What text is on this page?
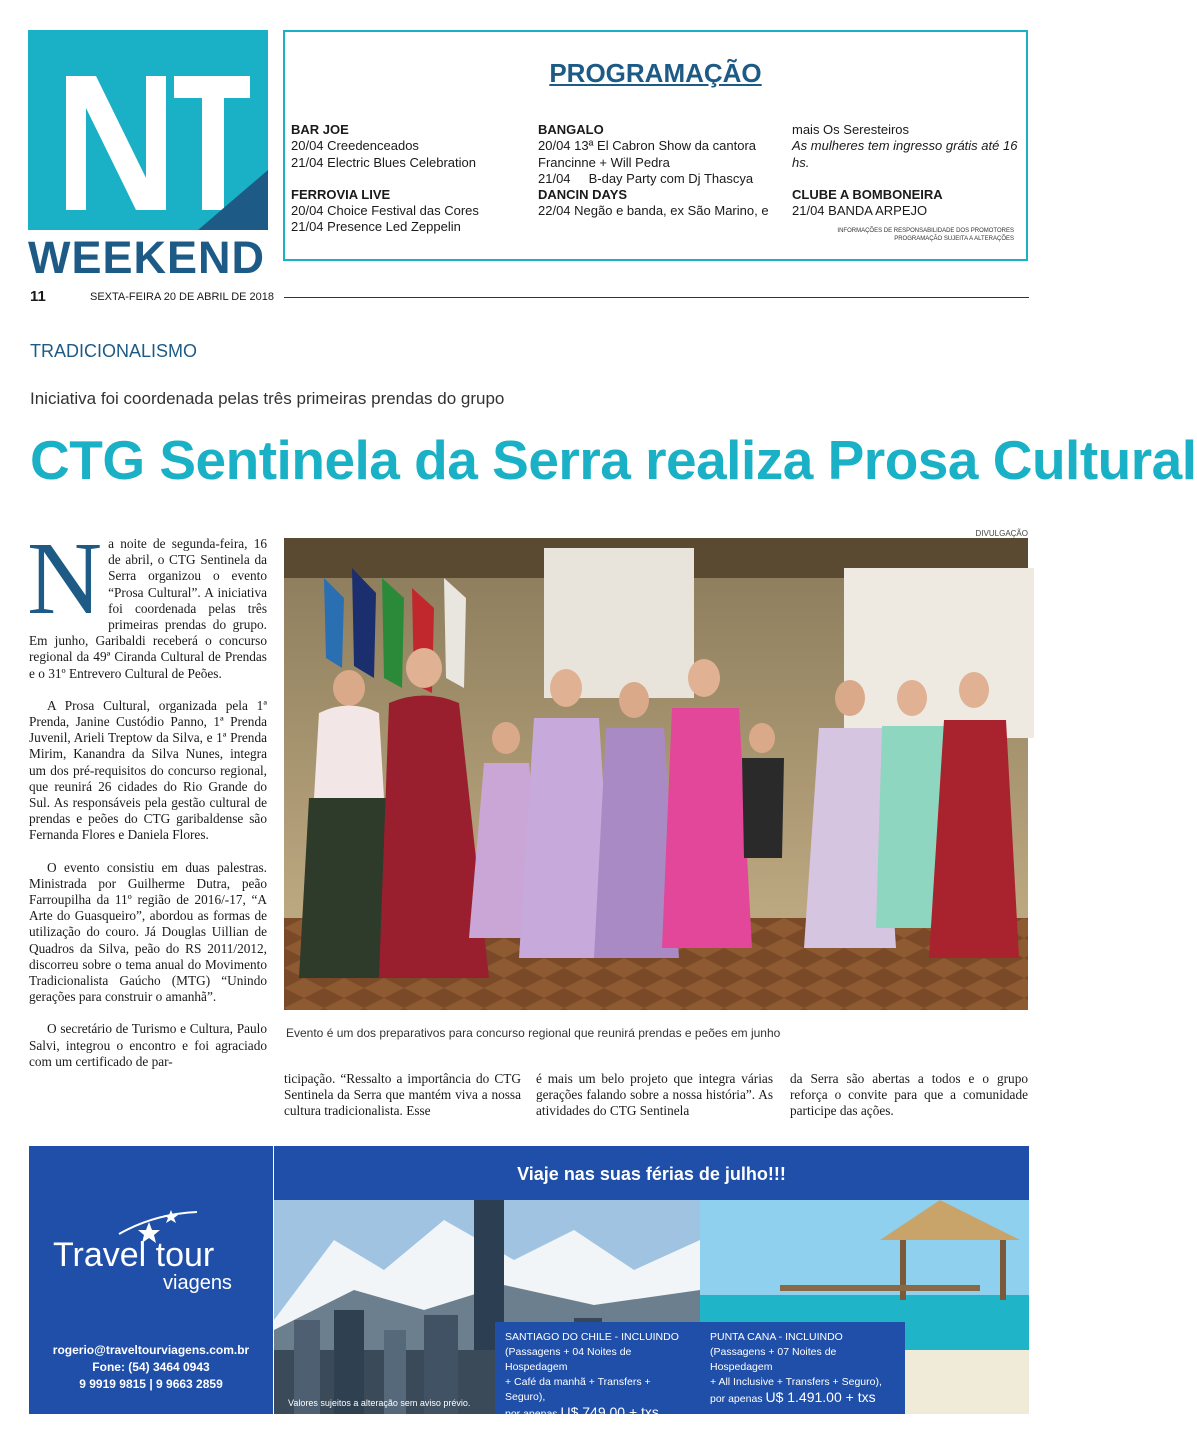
WEEKEND
PROGRAMAÇÃO
BAR JOE
20/04 Creedenceados
21/04 Electric Blues Celebration
FERROVIA LIVE
20/04 Choice Festival das Cores
21/04 Presence Led Zeppelin
BANGALO
20/04 13ª El Cabron Show da cantora
Francinne + Will Pedra
21/04     B-day Party com Dj Thascya
DANCIN DAYS
22/04 Negão e banda, ex São Marino, e
mais Os Seresteiros
As mulheres tem ingresso grátis até 16 hs.
CLUBE A BOMBONEIRA
21/04 BANDA ARPEJO
INFORMAÇÕES DE RESPONSABILIDADE DOS PROMOTORES
PROGRAMAÇÃO SUJEITA A ALTERAÇÕES
11	SEXTA-FEIRA 20 DE ABRIL DE 2018
TRADICIONALISMO
Iniciativa foi coordenada pelas três primeiras prendas do grupo
CTG Sentinela da Serra realiza Prosa Cultural

Na noite de segunda-feira, 16 de abril, o CTG Sentinela da Serra organizou o evento “Prosa Cultural”. A iniciativa foi coordenada pelas três primeiras prendas do grupo. Em junho, Garibaldi receberá o concurso regional da 49ª Ciranda Cultural de Prendas e o 31º Entrevero Cultural de Peões.

A Prosa Cultural, organizada pela 1ª Prenda, Janine Custódio Panno, 1ª Prenda Juvenil, Arieli Treptow da Silva, e 1ª Prenda Mirim, Kanandra da Silva Nunes, integra um dos pré-requisitos do concurso regional, que reunirá 26 cidades do Rio Grande do Sul. As responsáveis pela gestão cultural de prendas e peões do CTG garibaldense são Fernanda Flores e Daniela Flores.

O evento consistiu em duas palestras. Ministrada por Guilherme Dutra, peão Farroupilha da 11º região de 2016/-17, “A Arte do Guasqueiro”, abordou as formas de utilização do couro. Já Douglas Uillian de Quadros da Silva, peão do RS 2011/2012, discorreu sobre o tema anual do Movimento Tradicionalista Gaúcho (MTG) “Unindo gerações para construir o amanhã”.

O secretário de Turismo e Cultura, Paulo Salvi, integrou o encontro e foi agraciado com um certificado de par-

DIVULGAÇÃO
Evento é um dos preparativos para concurso regional que reunirá prendas e peões em junho

ticipação. “Ressalto a importância do CTG Sentinela da Serra que mantém viva a nossa cultura tradicionalista. Esse

é mais um belo projeto que integra várias gerações falando sobre a nossa história”. As atividades do CTG Sentinela

da Serra são abertas a todos e o grupo reforça o convite para que a comunidade participe das ações.

Travel tour
viagens
rogerio@traveltourviagens.com.br
Fone: (54) 3464 0943
9 9919 9815 | 9 9663 2859
Viaje nas suas férias de julho!!!
Valores sujeitos a alteração sem aviso prévio.
SANTIAGO DO CHILE - INCLUINDO
(Passagens + 04 Noites de Hospedagem
+ Café da manhã + Transfers + Seguro),
por apenas U$ 749.00 + txs
PUNTA CANA - INCLUINDO
(Passagens + 07 Noites de Hospedagem
+ All Inclusive + Transfers + Seguro),
por apenas U$ 1.491.00 + txs
